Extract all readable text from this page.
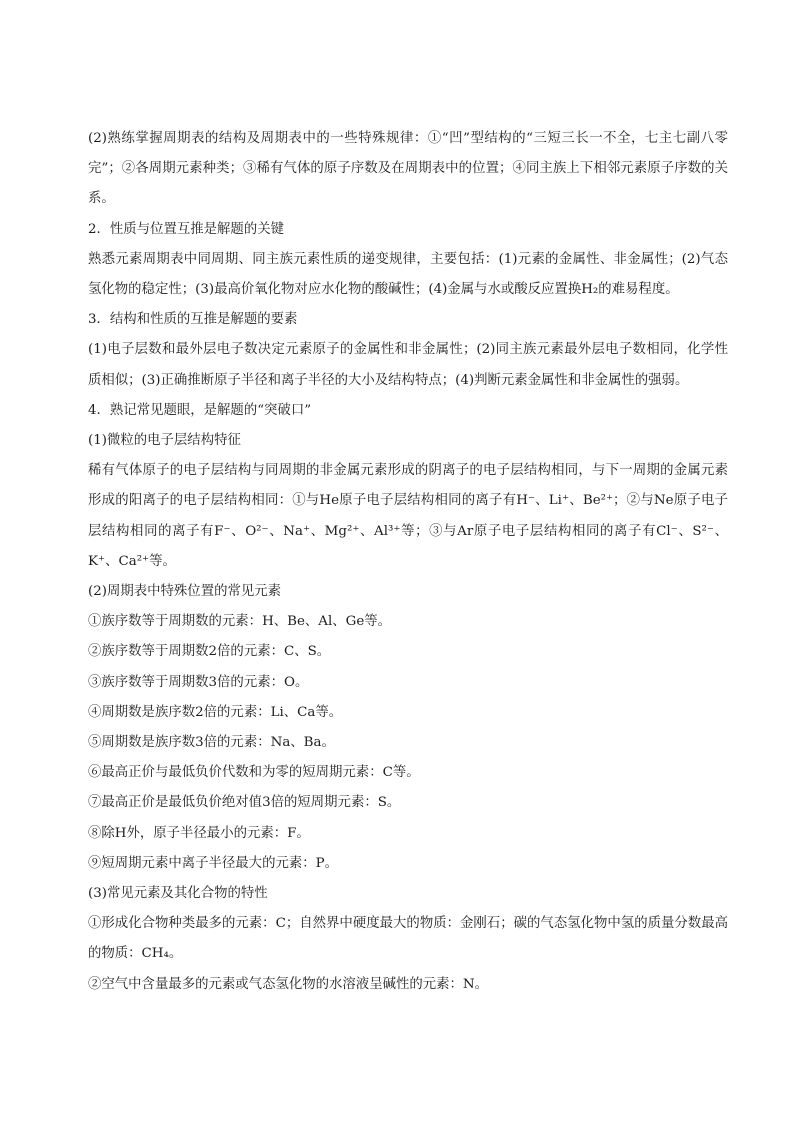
(2)熟练掌握周期表的结构及周期表中的一些特殊规律：①“凹”型结构的“三短三长一不全，七主七副八零完”；②各周期元素种类；③稀有气体的原子序数及在周期表中的位置；④同主族上下相邻元素原子序数的关系。

2．性质与位置互推是解题的关键

熟悉元素周期表中同周期、同主族元素性质的递变规律，主要包括：(1)元素的金属性、非金属性；(2)气态氢化物的稳定性；(3)最高价氧化物对应水化物的酸碱性；(4)金属与水或酸反应置换H₂的难易程度。

3．结构和性质的互推是解题的要素

(1)电子层数和最外层电子数决定元素原子的金属性和非金属性；(2)同主族元素最外层电子数相同，化学性质相似；(3)正确推断原子半径和离子半径的大小及结构特点；(4)判断元素金属性和非金属性的强弱。

4．熟记常见题眼，是解题的“突破口”

(1)微粒的电子层结构特征

稀有气体原子的电子层结构与同周期的非金属元素形成的阴离子的电子层结构相同，与下一周期的金属元素形成的阳离子的电子层结构相同：①与He原子电子层结构相同的离子有H⁻、Li⁺、Be²⁺；②与Ne原子电子层结构相同的离子有F⁻、O²⁻、Na⁺、Mg²⁺、Al³⁺等；③与Ar原子电子层结构相同的离子有Cl⁻、S²⁻、K⁺、Ca²⁺等。

(2)周期表中特殊位置的常见元素

①族序数等于周期数的元素：H、Be、Al、Ge等。

②族序数等于周期数2倍的元素：C、S。

③族序数等于周期数3倍的元素：O。

④周期数是族序数2倍的元素：Li、Ca等。

⑤周期数是族序数3倍的元素：Na、Ba。

⑥最高正价与最低负价代数和为零的短周期元素：C等。

⑦最高正价是最低负价绝对值3倍的短周期元素：S。

⑧除H外，原子半径最小的元素：F。

⑨短周期元素中离子半径最大的元素：P。

(3)常见元素及其化合物的特性

①形成化合物种类最多的元素：C；自然界中硬度最大的物质：金刚石；碳的气态氢化物中氢的质量分数最高的物质：CH₄。

②空气中含量最多的元素或气态氢化物的水溶液呈碱性的元素：N。
